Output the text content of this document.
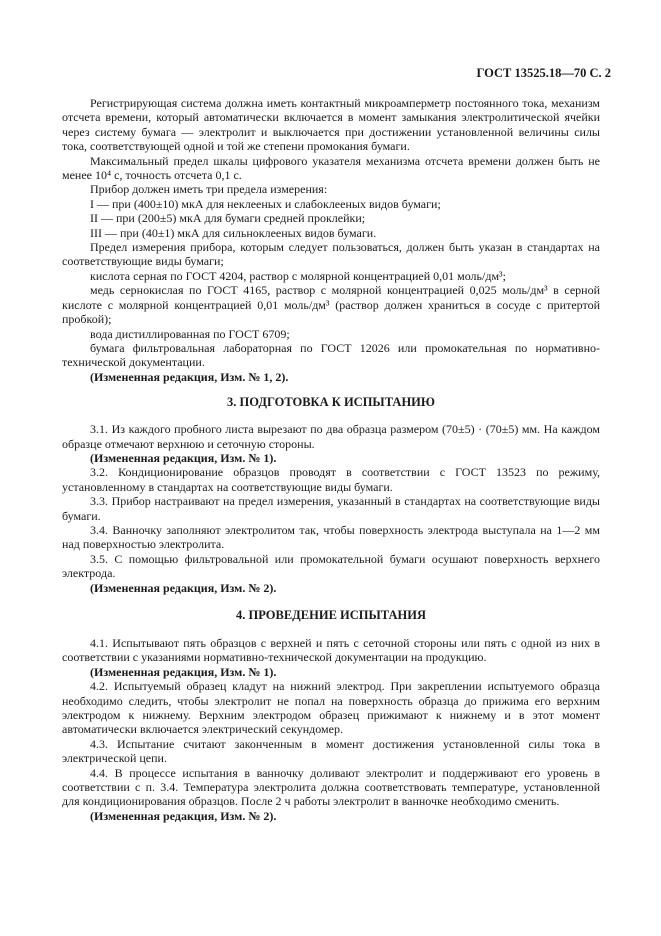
ГОСТ 13525.18—70 С. 2

Регистрирующая система должна иметь контактный микроамперметр постоянного тока, механизм отсчета времени, который автоматически включается в момент замыкания электролитической ячейки через систему бумага — электролит и выключается при достижении установленной величины силы тока, соответствующей одной и той же степени промокания бумаги.

Максимальный предел шкалы цифрового указателя механизма отсчета времени должен быть не менее 10⁴ с, точность отсчета 0,1 с.

Прибор должен иметь три предела измерения:

I — при (400±10) мкА для неклееных и слабоклееных видов бумаги;

II — при (200±5) мкА для бумаги средней проклейки;

III — при (40±1) мкА для сильноклееных видов бумаги.

Предел измерения прибора, которым следует пользоваться, должен быть указан в стандартах на соответствующие виды бумаги;

кислота серная по ГОСТ 4204, раствор с молярной концентрацией 0,01 моль/дм³;

медь сернокислая по ГОСТ 4165, раствор с молярной концентрацией 0,025 моль/дм³ в серной кислоте с молярной концентрацией 0,01 моль/дм³ (раствор должен храниться в сосуде с притертой пробкой);

вода дистиллированная по ГОСТ 6709;

бумага фильтровальная лабораторная по ГОСТ 12026 или промокательная по нормативно-технической документации.

(Измененная редакция, Изм. № 1, 2).

3. ПОДГОТОВКА К ИСПЫТАНИЮ

3.1. Из каждого пробного листа вырезают по два образца размером (70±5) · (70±5) мм. На каждом образце отмечают верхнюю и сеточную стороны.

(Измененная редакция, Изм. № 1).

3.2. Кондиционирование образцов проводят в соответствии с ГОСТ 13523 по режиму, установленному в стандартах на соответствующие виды бумаги.

3.3. Прибор настраивают на предел измерения, указанный в стандартах на соответствующие виды бумаги.

3.4. Ванночку заполняют электролитом так, чтобы поверхность электрода выступала на 1—2 мм над поверхностью электролита.

3.5. С помощью фильтровальной или промокательной бумаги осушают поверхность верхнего электрода.

(Измененная редакция, Изм. № 2).

4. ПРОВЕДЕНИЕ ИСПЫТАНИЯ

4.1. Испытывают пять образцов с верхней и пять с сеточной стороны или пять с одной из них в соответствии с указаниями нормативно-технической документации на продукцию.

(Измененная редакция, Изм. № 1).

4.2. Испытуемый образец кладут на нижний электрод. При закреплении испытуемого образца необходимо следить, чтобы электролит не попал на поверхность образца до прижима его верхним электродом к нижнему. Верхним электродом образец прижимают к нижнему и в этот момент автоматически включается электрический секундомер.

4.3. Испытание считают законченным в момент достижения установленной силы тока в электрической цепи.

4.4. В процессе испытания в ванночку доливают электролит и поддерживают его уровень в соответствии с п. 3.4. Температура электролита должна соответствовать температуре, установленной для кондиционирования образцов. После 2 ч работы электролит в ванночке необходимо сменить.

(Измененная редакция, Изм. № 2).
